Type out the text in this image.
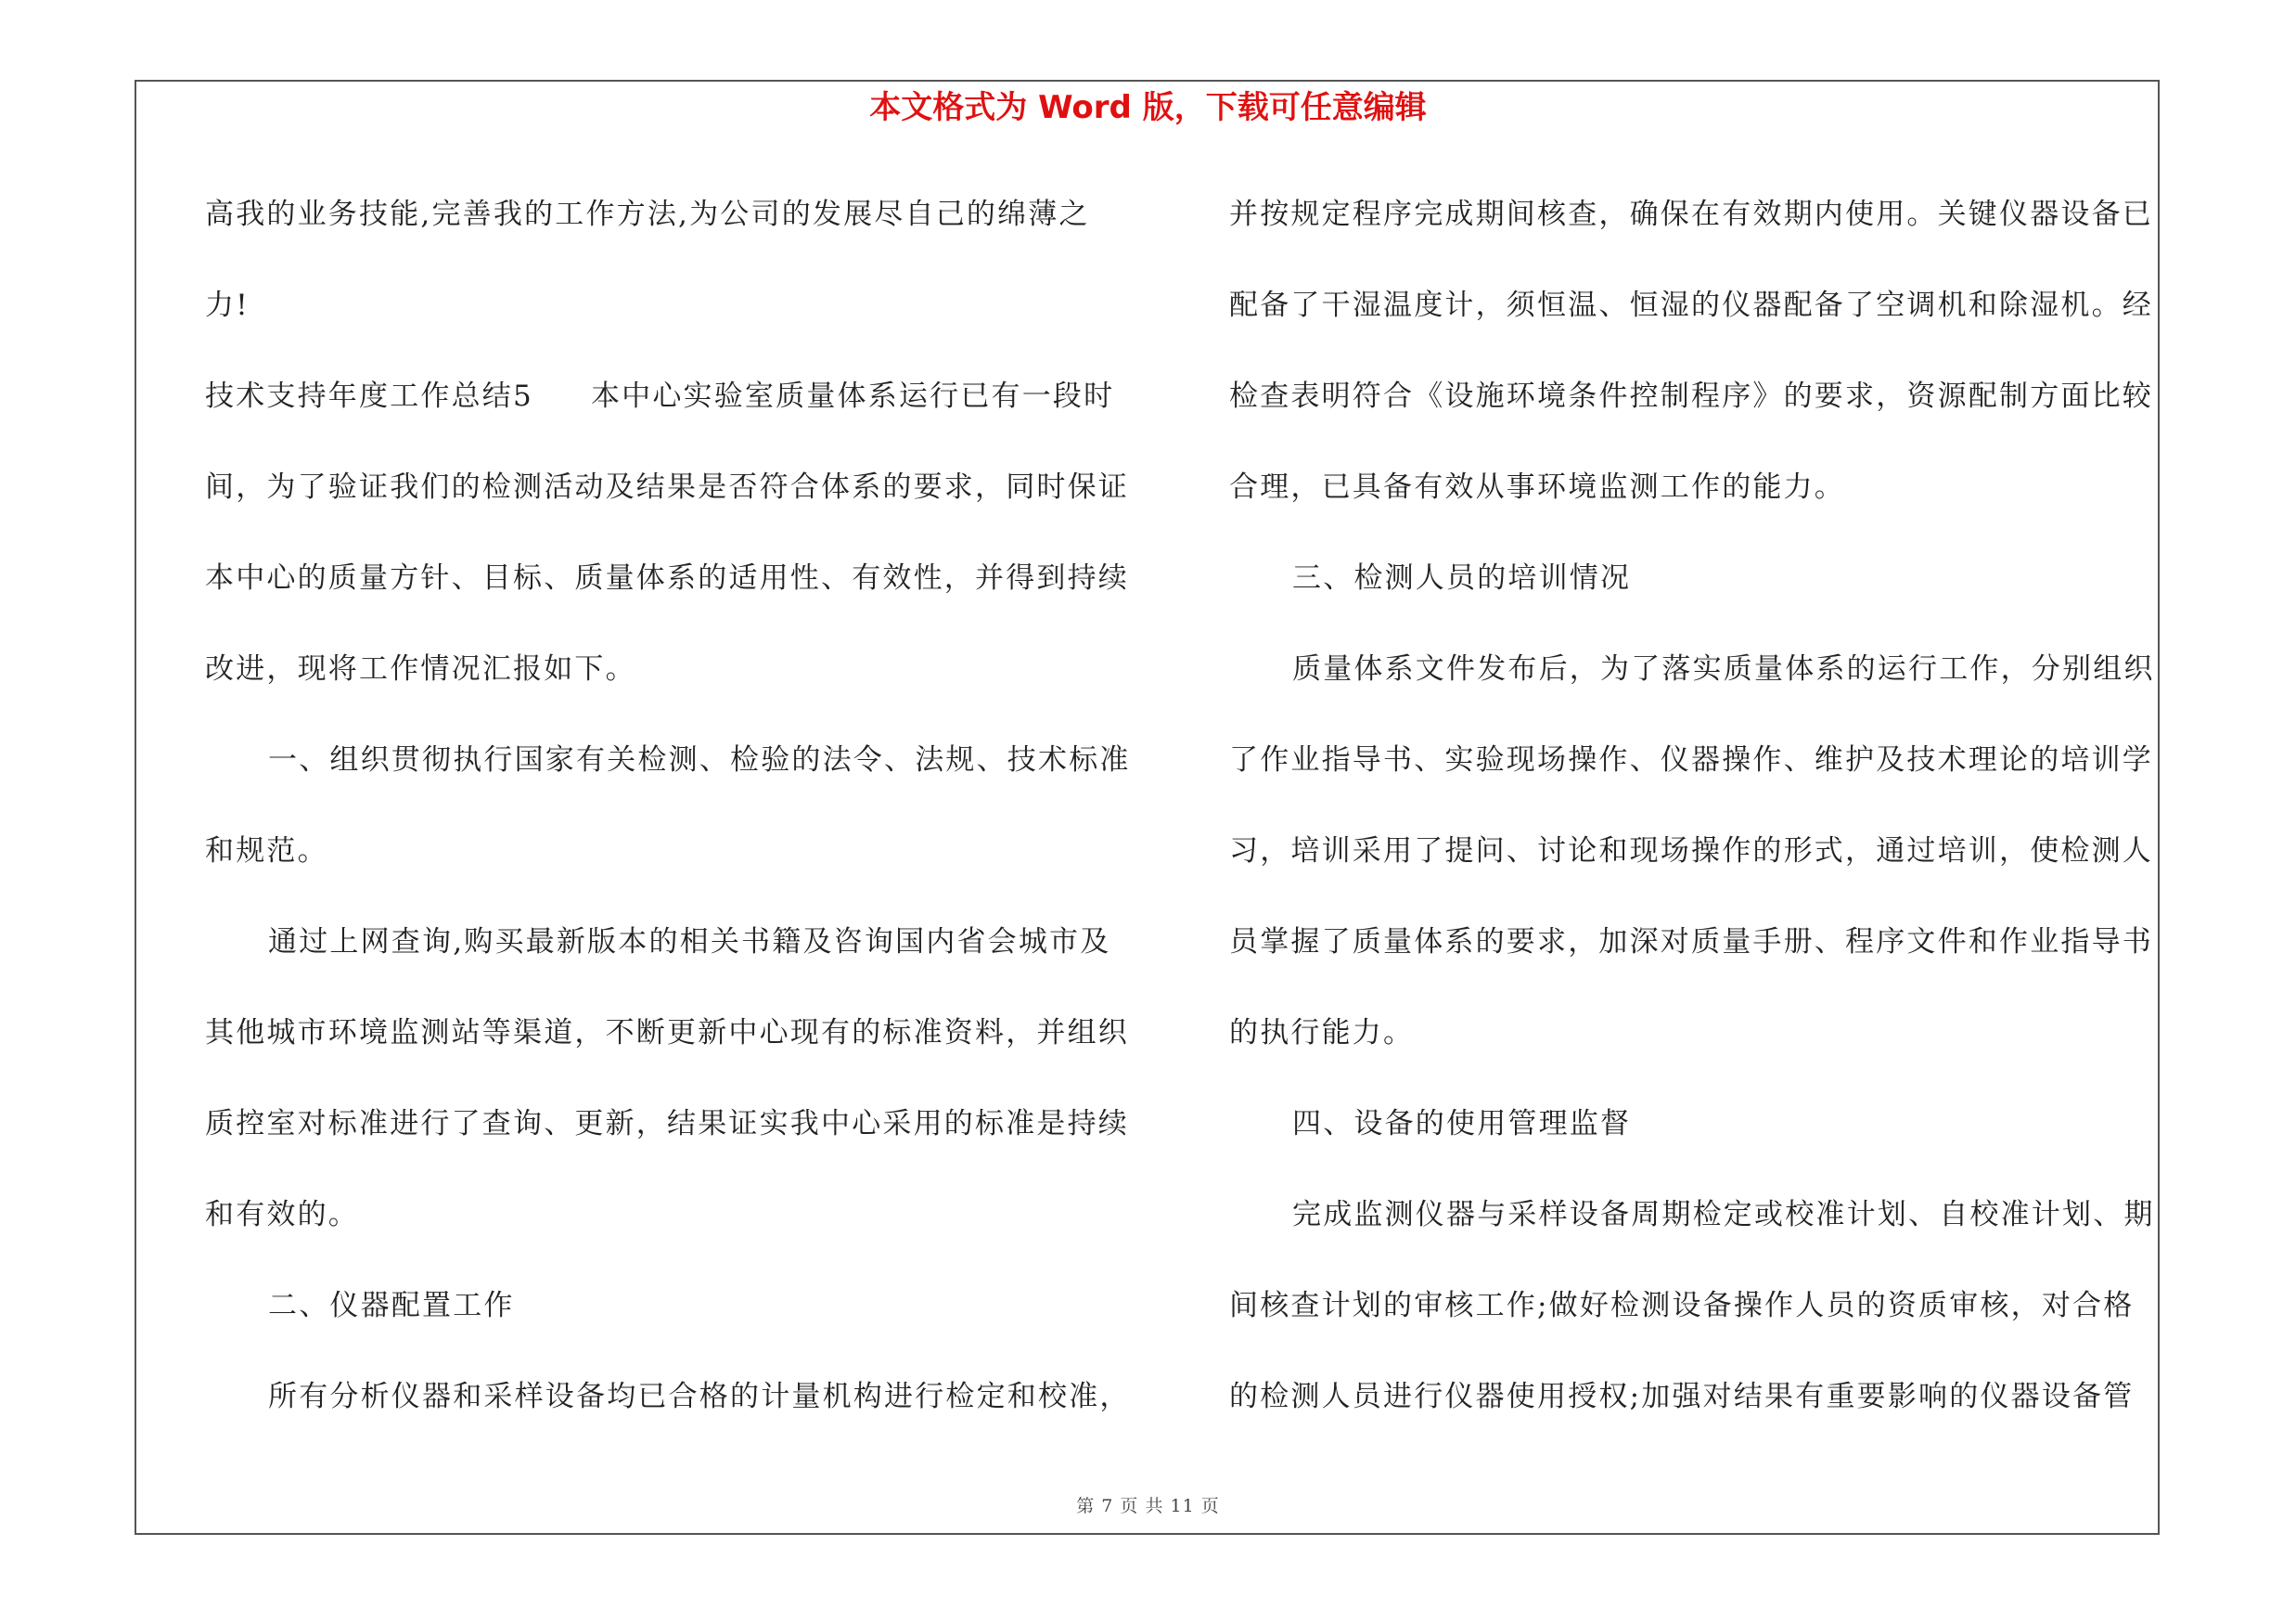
本文格式为 Word 版，下载可任意编辑
高我的业务技能,完善我的工作方法,为公司的发展尽自己的绵薄之
力!
技术支持年度工作总结5 本中心实验室质量体系运行已有一段时
间，为了验证我们的检测活动及结果是否符合体系的要求，同时保证
本中心的质量方针、目标、质量体系的适用性、有效性，并得到持续
改进，现将工作情况汇报如下。
一、组织贯彻执行国家有关检测、检验的法令、法规、技术标准
和规范。
通过上网查询,购买最新版本的相关书籍及咨询国内省会城市及
其他城市环境监测站等渠道，不断更新中心现有的标准资料，并组织
质控室对标准进行了查询、更新，结果证实我中心采用的标准是持续
和有效的。
二、仪器配置工作
所有分析仪器和采样设备均已合格的计量机构进行检定和校准，
并按规定程序完成期间核查，确保在有效期内使用。关键仪器设备已
配备了干湿温度计，须恒温、恒湿的仪器配备了空调机和除湿机。经
检查表明符合《设施环境条件控制程序》的要求，资源配制方面比较
合理，已具备有效从事环境监测工作的能力。
三、检测人员的培训情况
质量体系文件发布后，为了落实质量体系的运行工作，分别组织
了作业指导书、实验现场操作、仪器操作、维护及技术理论的培训学
习，培训采用了提问、讨论和现场操作的形式，通过培训，使检测人
员掌握了质量体系的要求，加深对质量手册、程序文件和作业指导书
的执行能力。
四、设备的使用管理监督
完成监测仪器与采样设备周期检定或校准计划、自校准计划、期
间核查计划的审核工作;做好检测设备操作人员的资质审核，对合格
的检测人员进行仪器使用授权;加强对结果有重要影响的仪器设备管
第 7 页 共 11 页
